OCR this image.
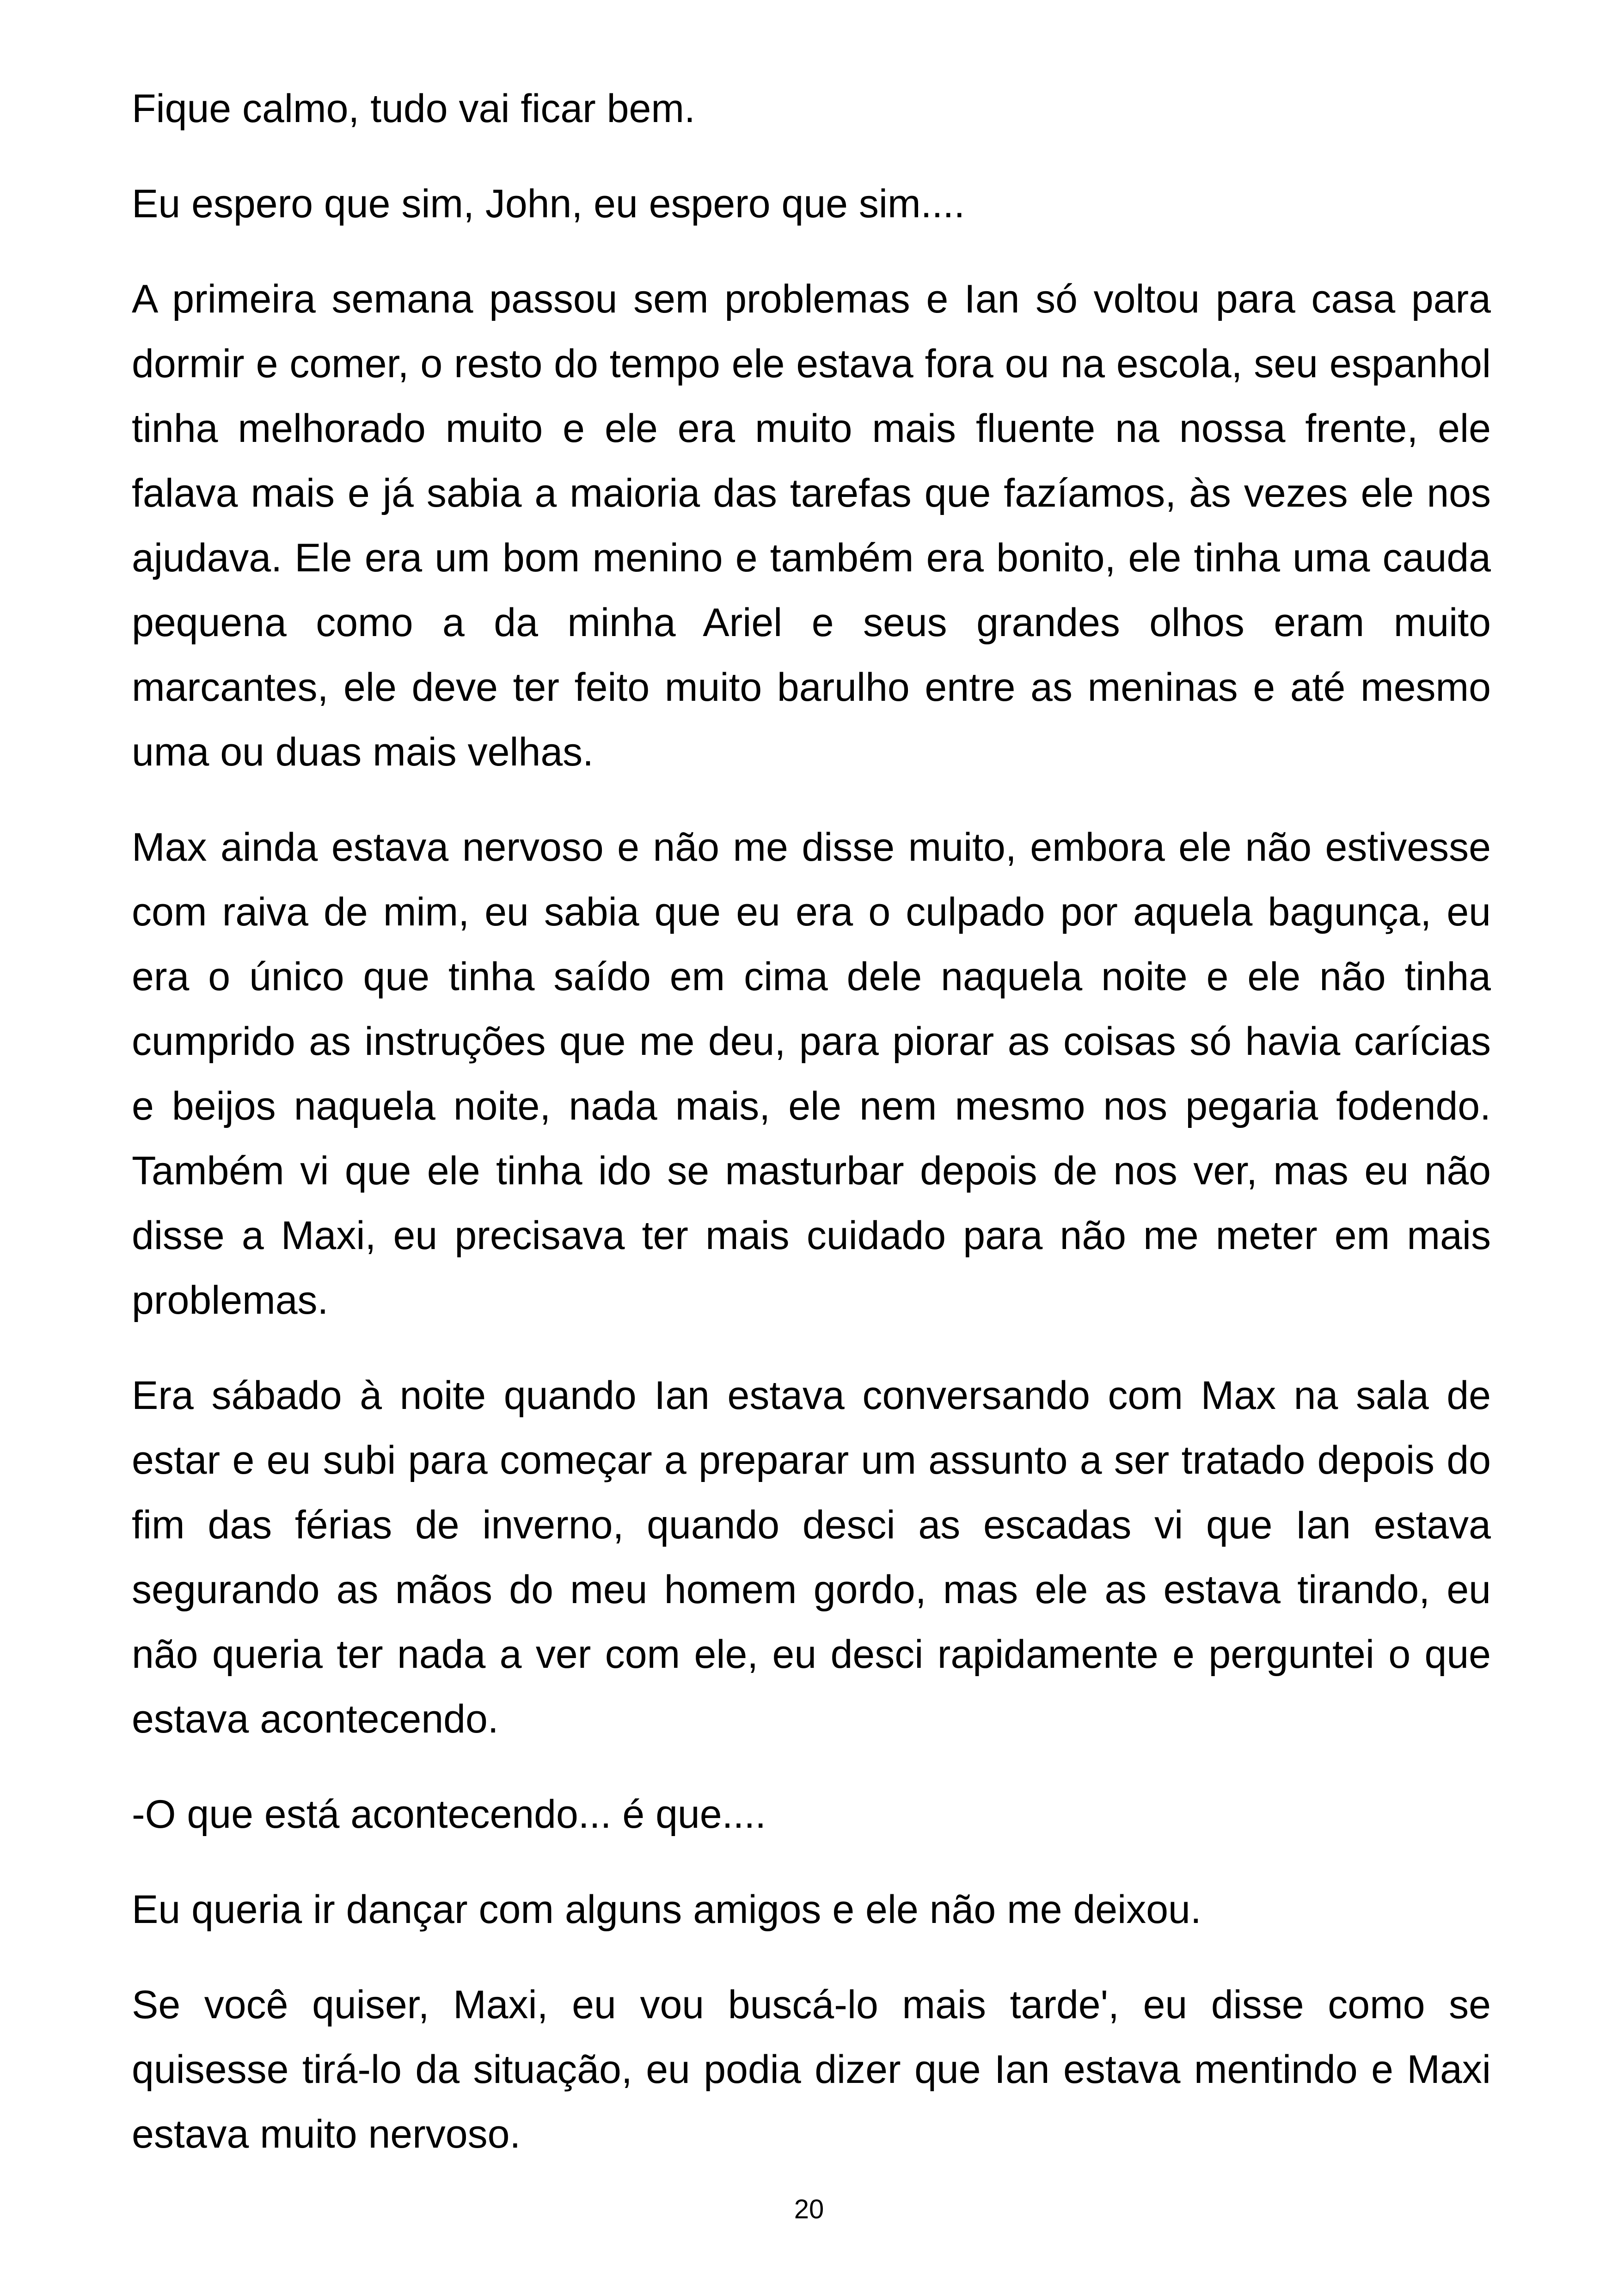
Fique calmo, tudo vai ficar bem.

Eu espero que sim, John, eu espero que sim....

A primeira semana passou sem problemas e Ian só voltou para casa para dormir e comer, o resto do tempo ele estava fora ou na escola, seu espanhol tinha melhorado muito e ele era muito mais fluente na nossa frente, ele falava mais e já sabia a maioria das tarefas que fazíamos, às vezes ele nos ajudava. Ele era um bom menino e também era bonito, ele tinha uma cauda pequena como a da minha Ariel e seus grandes olhos eram muito marcantes, ele deve ter feito muito barulho entre as meninas e até mesmo uma ou duas mais velhas.

Max ainda estava nervoso e não me disse muito, embora ele não estivesse com raiva de mim, eu sabia que eu era o culpado por aquela bagunça, eu era o único que tinha saído em cima dele naquela noite e ele não tinha cumprido as instruções que me deu, para piorar as coisas só havia carícias e beijos naquela noite, nada mais, ele nem mesmo nos pegaria fodendo. Também vi que ele tinha ido se masturbar depois de nos ver, mas eu não disse a Maxi, eu precisava ter mais cuidado para não me meter em mais problemas.

Era sábado à noite quando Ian estava conversando com Max na sala de estar e eu subi para começar a preparar um assunto a ser tratado depois do fim das férias de inverno, quando desci as escadas vi que Ian estava segurando as mãos do meu homem gordo, mas ele as estava tirando, eu não queria ter nada a ver com ele, eu desci rapidamente e perguntei o que estava acontecendo.

-O que está acontecendo... é que....

Eu queria ir dançar com alguns amigos e ele não me deixou.

Se você quiser, Maxi, eu vou buscá-lo mais tarde', eu disse como se quisesse tirá-lo da situação, eu podia dizer que Ian estava mentindo e Maxi estava muito nervoso.

20
